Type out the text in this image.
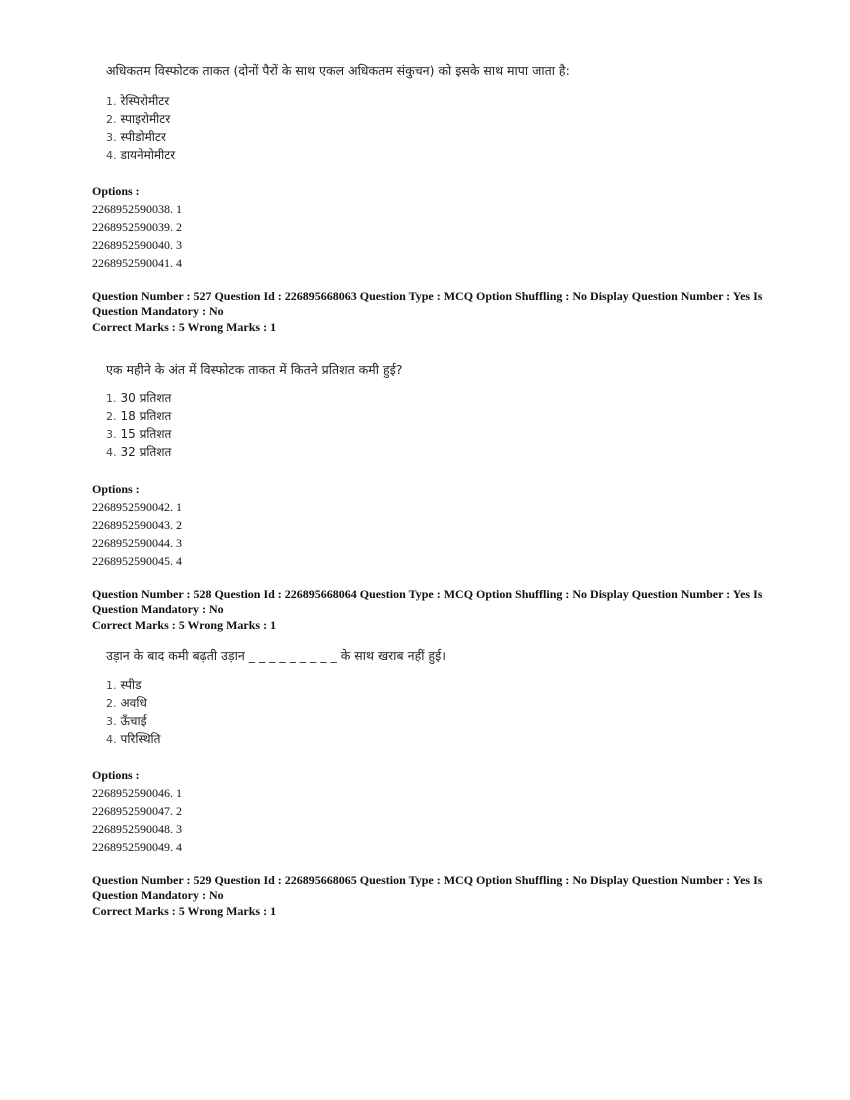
अधिकतम विस्फोटक ताकत (दोनों पैरों के साथ एकल अधिकतम संकुचन) को इसके साथ मापा जाता है:
1. रेस्पिरोमीटर
2. स्पाइरोमीटर
3. स्पीडोमीटर
4. डायनेमोमीटर
Options :
2268952590038. 1
2268952590039. 2
2268952590040. 3
2268952590041. 4
Question Number : 527 Question Id : 226895668063 Question Type : MCQ Option Shuffling : No Display Question Number : Yes Is Question Mandatory : No
Correct Marks : 5 Wrong Marks : 1
एक महीने के अंत में विस्फोटक ताकत में कितने प्रतिशत कमी हुई?
1. 30 प्रतिशत
2. 18 प्रतिशत
3. 15 प्रतिशत
4. 32 प्रतिशत
Options :
2268952590042. 1
2268952590043. 2
2268952590044. 3
2268952590045. 4
Question Number : 528 Question Id : 226895668064 Question Type : MCQ Option Shuffling : No Display Question Number : Yes Is Question Mandatory : No
Correct Marks : 5 Wrong Marks : 1
उड़ान के बाद कमी बढ़ती उड़ान _ _ _ _ _ _ _ _ _ के साथ खराब नहीं हुई।
1. स्पीड
2. अवधि
3. ऊँचाई
4. परिस्थिति
Options :
2268952590046. 1
2268952590047. 2
2268952590048. 3
2268952590049. 4
Question Number : 529 Question Id : 226895668065 Question Type : MCQ Option Shuffling : No Display Question Number : Yes Is Question Mandatory : No
Correct Marks : 5 Wrong Marks : 1
